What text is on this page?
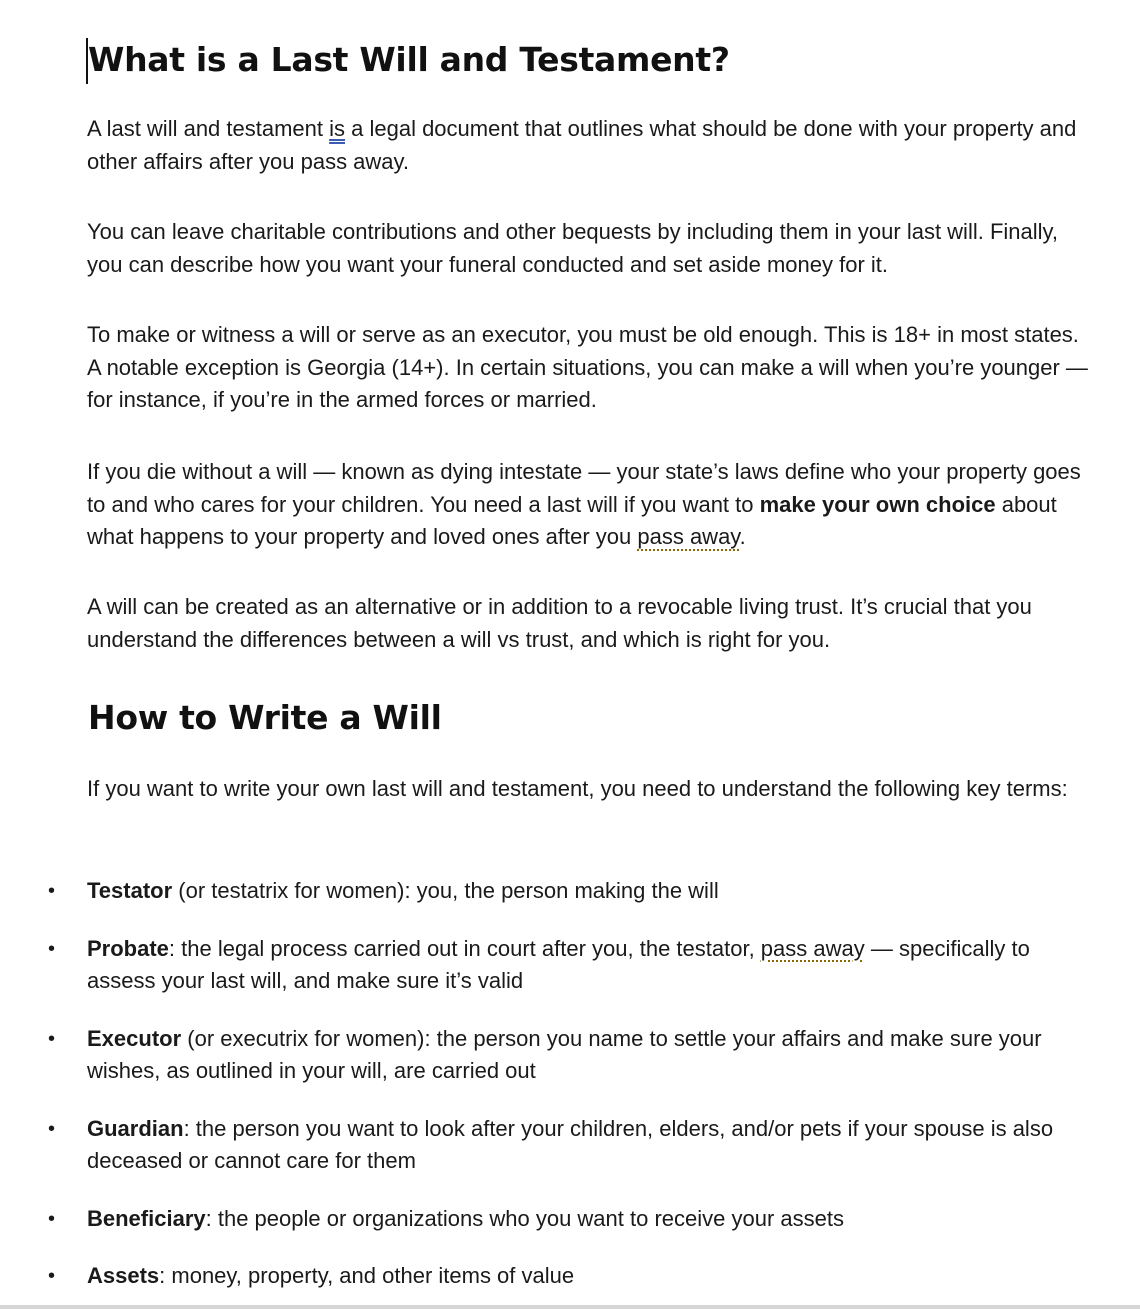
What is a Last Will and Testament?

A last will and testament is a legal document that outlines what should be done with your property and other affairs after you pass away.

You can leave charitable contributions and other bequests by including them in your last will. Finally, you can describe how you want your funeral conducted and set aside money for it.

To make or witness a will or serve as an executor, you must be old enough. This is 18+ in most states. A notable exception is Georgia (14+). In certain situations, you can make a will when you’re younger — for instance, if you’re in the armed forces or married.

If you die without a will — known as dying intestate — your state’s laws define who your property goes to and who cares for your children. You need a last will if you want to make your own choice about what happens to your property and loved ones after you pass away.

A will can be created as an alternative or in addition to a revocable living trust. It’s crucial that you understand the differences between a will vs trust, and which is right for you.

How to Write a Will

If you want to write your own last will and testament, you need to understand the following key terms:

• Testator (or testatrix for women): you, the person making the will
• Probate: the legal process carried out in court after you, the testator, pass away — specifically to assess your last will, and make sure it’s valid
• Executor (or executrix for women): the person you name to settle your affairs and make sure your wishes, as outlined in your will, are carried out
• Guardian: the person you want to look after your children, elders, and/or pets if your spouse is also deceased or cannot care for them
• Beneficiary: the people or organizations who you want to receive your assets
• Assets: money, property, and other items of value
